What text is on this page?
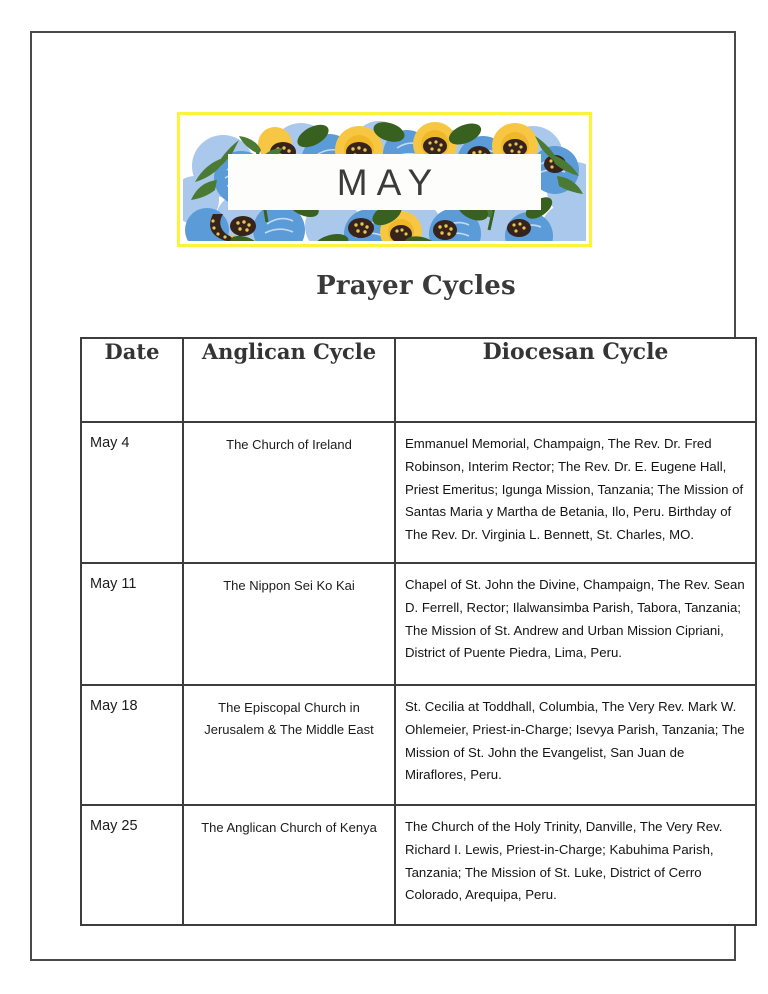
MAY
Prayer Cycles
Date	Anglican Cycle	Diocesan Cycle
May 4	The Church of Ireland	Emmanuel Memorial, Champaign, The Rev. Dr. Fred Robinson, Interim Rector; The Rev. Dr. E. Eugene Hall, Priest Emeritus; Igunga Mission, Tanzania; The Mission of Santas Maria y Martha de Betania, Ilo, Peru. Birthday of The Rev. Dr. Virginia L. Bennett, St. Charles, MO.
May 11	The Nippon Sei Ko Kai	Chapel of St. John the Divine, Champaign, The Rev. Sean D. Ferrell, Rector; Ilalwansimba Parish, Tabora, Tanzania; The Mission of St. Andrew and Urban Mission Cipriani, District of Puente Piedra, Lima, Peru.
May 18	The Episcopal Church in Jerusalem & The Middle East	St. Cecilia at Toddhall, Columbia, The Very Rev. Mark W. Ohlemeier, Priest-in-Charge; Isevya Parish, Tanzania; The Mission of St. John the Evangelist, San Juan de Miraflores, Peru.
May 25	The Anglican Church of Kenya	The Church of the Holy Trinity, Danville, The Very Rev. Richard I. Lewis, Priest-in-Charge; Kabuhima Parish, Tanzania; The Mission of St. Luke, District of Cerro Colorado, Arequipa, Peru.
